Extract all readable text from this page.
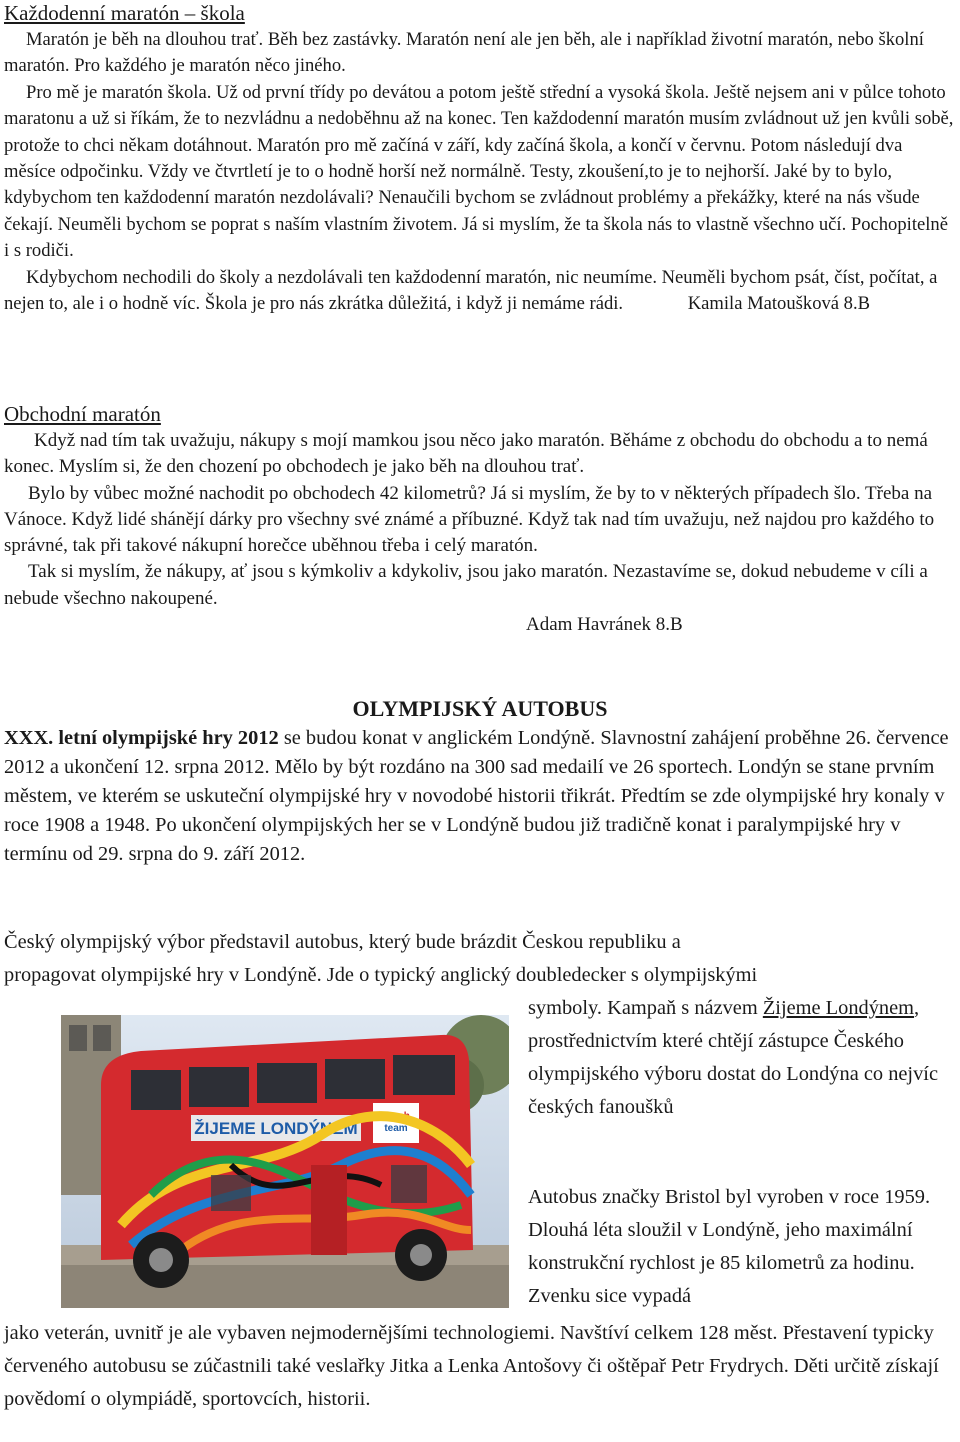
Každodenní maratón – škola

Maratón je běh na dlouhou trať. Běh bez zastávky. Maratón není ale jen běh, ale i například životní maratón, nebo školní maratón. Pro každého je maratón něco jiného.

Pro mě je maratón škola. Už od první třídy po devátou a potom ještě střední a vysoká škola. Ještě nejsem ani v půlce tohoto maratonu a už si říkám, že to nezvládnu a nedoběhnu až na konec. Ten každodenní maratón musím zvládnout už jen kvůli sobě, protože to chci někam dotáhnout. Maratón pro mě začíná v září, kdy začíná škola, a končí v červnu. Potom následují dva měsíce odpočinku. Vždy ve čtvrtletí je to o hodně horší než normálně. Testy, zkoušení,to je to nejhorší. Jaké by to bylo, kdybychom ten každodenní maratón nezdolávali? Nenaučili bychom se zvládnout problémy a překážky, které na nás všude čekají. Neuměli bychom se poprat s naším vlastním životem. Já si myslím, že ta škola nás to vlastně všechno učí. Pochopitelně i s rodiči.

Kdybychom nechodili do školy a nezdolávali ten každodenní maratón, nic neumíme. Neuměli bychom psát, číst, počítat, a nejen to, ale i o hodně víc. Škola je pro nás zkrátka důležitá, i když ji nemáme rádi.	Kamila Matoušková 8.B

Obchodní maratón

Když nad tím tak uvažuju, nákupy s mojí mamkou jsou něco jako maratón. Běháme z obchodu do obchodu a to nemá konec. Myslím si, že den chození po obchodech je jako běh na dlouhou trať.

Bylo by vůbec možné nachodit po obchodech 42 kilometrů? Já si myslím, že by to v některých případech šlo. Třeba na Vánoce. Když lidé shánějí dárky pro všechny své známé a příbuzné. Když tak nad tím uvažuju, než najdou pro každého to správné, tak při takové nákupní horečce uběhnou třeba i celý maratón.

Tak si myslím, že nákupy, ať jsou s kýmkoliv a kdykoliv, jsou jako maratón. Nezastavíme se, dokud nebudeme v cíli a nebude všechno nakoupené.

Adam Havránek 8.B

OLYMPIJSKÝ AUTOBUS

XXX. letní olympijské hry 2012 se budou konat v anglickém Londýně. Slavnostní zahájení proběhne 26. července 2012 a ukončení 12. srpna 2012. Mělo by být rozdáno na 300 sad medailí ve 26 sportech. Londýn se stane prvním městem, ve kterém se uskuteční olympijské hry v novodobé historii třikrát. Předtím se zde olympijské hry konaly v roce 1908 a 1948. Po ukončení olympijských her se v Londýně budou již tradičně konat i paralympijské hry v termínu od 29. srpna do 9. září 2012.

Český olympijský výbor představil autobus, který bude brázdit Českou republiku a

propagovat olympijské hry v Londýně. Jde o typický anglický doubledecker s olympijskými

symboly. Kampaň s názvem Žijeme Londýnem, prostřednictvím které chtějí zástupce Českého olympijského výboru dostat do Londýna co nejvíc českých fanoušků
Autobus značky Bristol byl vyroben v roce 1959. Dlouhá léta sloužil v Londýně, jeho maximální konstrukční rychlost je 85 kilometrů za hodinu. Zvenku sice vypadá
ŽIJEME LONDÝNEM
czech
team

jako veterán, uvnitř je ale vybaven nejmodernějšími technologiemi. Navštíví celkem 128 měst. Přestavení typicky červeného autobusu se zúčastnili také veslařky Jitka a Lenka Antošovy či oštěpař Petr Frydrych. Děti určitě získají povědomí o olympiádě, sportovcích, historii.
